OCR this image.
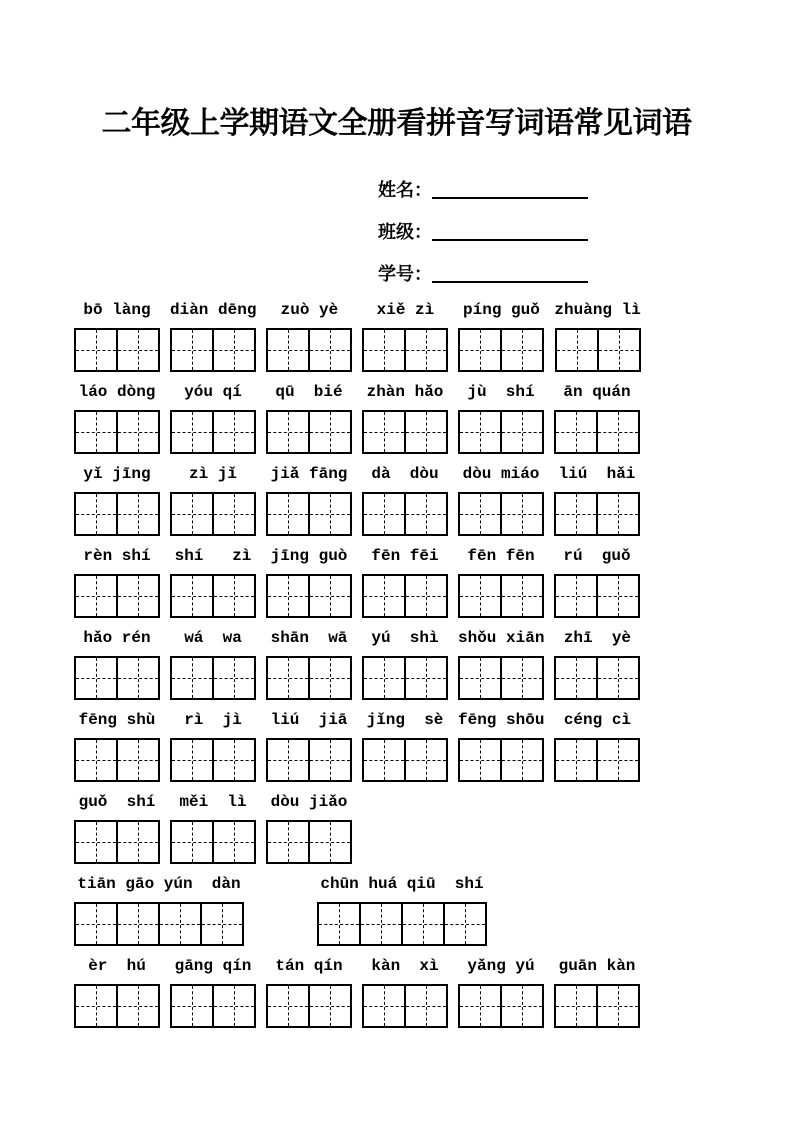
二年级上学期语文全册看拼音写词语常见词语
姓名：
班级：
学号：
bō làng diàn dēng zuò yè xiě zì píng guǒ zhuàng lì
láo dòng yóu qí qū  bié zhàn hǎo jù  shí ān quán
yǐ jīng zì jǐ jiǎ fāng dà  dòu dòu miáo liú  hǎi
rèn shí shí   zì jīng guò fēn fēi fēn fēn rú  guǒ
hǎo rén wá  wa shān  wā yú  shì shǒu xiān zhī  yè
fēng shù rì  jì liú  jiā jǐng  sè fēng shōu céng cì
guǒ  shí měi  lì dòu jiǎo
tiān gāo yún  dàn	chūn huá qiū  shí
èr  hú gāng qín tán qín kàn  xì yǎng yú guān kàn
